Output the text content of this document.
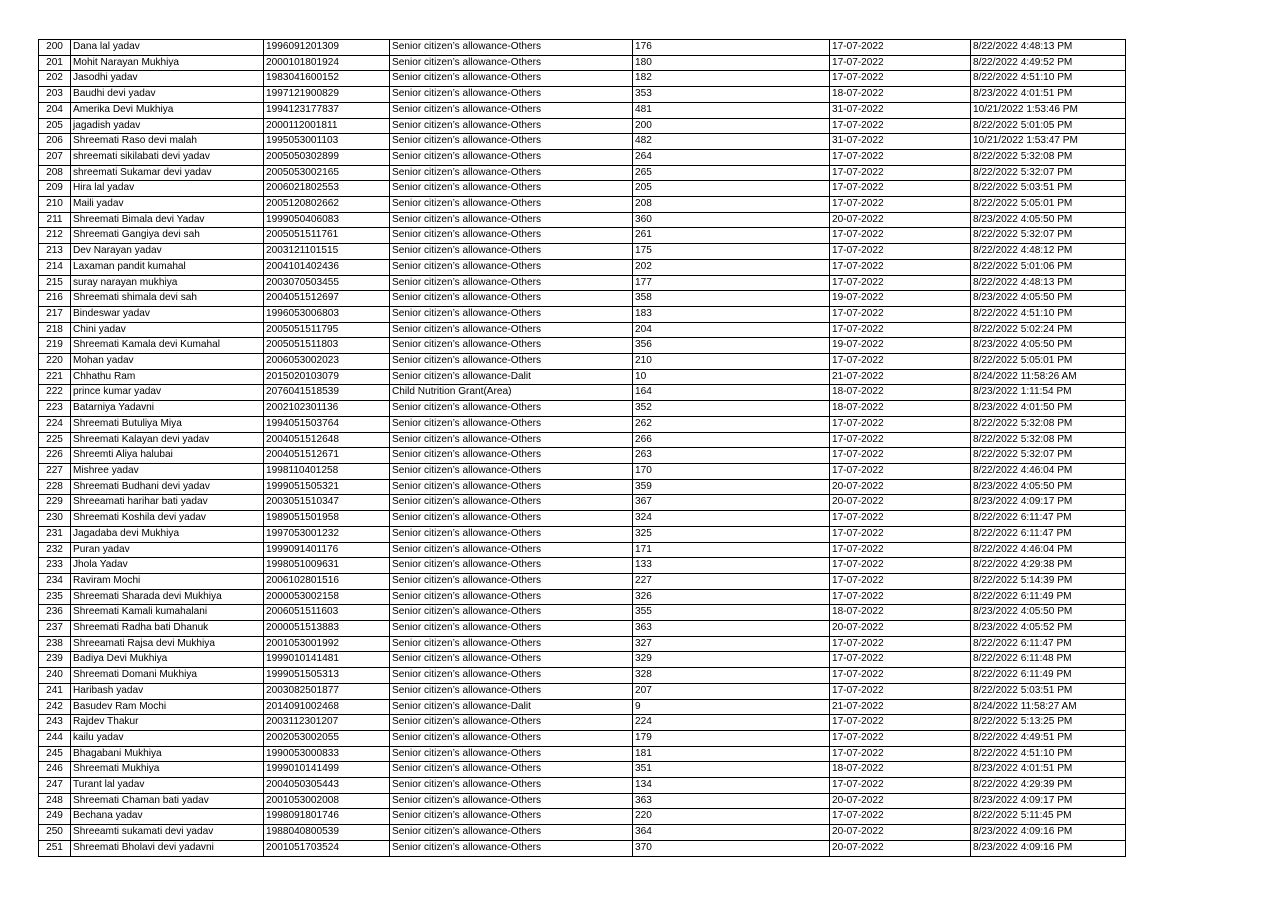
200	Dana lal yadav	1996091201309	Senior citizen’s allowance-Others	176	17-07-2022	8/22/2022 4:48:13 PM
201	Mohit Narayan Mukhiya	2000101801924	Senior citizen’s allowance-Others	180	17-07-2022	8/22/2022 4:49:52 PM
202	Jasodhi yadav	1983041600152	Senior citizen’s allowance-Others	182	17-07-2022	8/22/2022 4:51:10 PM
203	Baudhi devi yadav	1997121900829	Senior citizen’s allowance-Others	353	18-07-2022	8/23/2022 4:01:51 PM
204	Amerika Devi Mukhiya	1994123177837	Senior citizen’s allowance-Others	481	31-07-2022	10/21/2022 1:53:46 PM
205	jagadish yadav	2000112001811	Senior citizen’s allowance-Others	200	17-07-2022	8/22/2022 5:01:05 PM
206	Shreemati Raso devi malah	1995053001103	Senior citizen’s allowance-Others	482	31-07-2022	10/21/2022 1:53:47 PM
207	shreemati sikilabati devi yadav	2005050302899	Senior citizen’s allowance-Others	264	17-07-2022	8/22/2022 5:32:08 PM
208	shreemati Sukamar devi yadav	2005053002165	Senior citizen’s allowance-Others	265	17-07-2022	8/22/2022 5:32:07 PM
209	Hira lal yadav	2006021802553	Senior citizen’s allowance-Others	205	17-07-2022	8/22/2022 5:03:51 PM
210	Maili yadav	2005120802662	Senior citizen’s allowance-Others	208	17-07-2022	8/22/2022 5:05:01 PM
211	Shreemati Bimala devi Yadav	1999050406083	Senior citizen’s allowance-Others	360	20-07-2022	8/23/2022 4:05:50 PM
212	Shreemati Gangiya devi sah	2005051511761	Senior citizen’s allowance-Others	261	17-07-2022	8/22/2022 5:32:07 PM
213	Dev Narayan yadav	2003121101515	Senior citizen’s allowance-Others	175	17-07-2022	8/22/2022 4:48:12 PM
214	Laxaman pandit kumahal	2004101402436	Senior citizen’s allowance-Others	202	17-07-2022	8/22/2022 5:01:06 PM
215	suray narayan mukhiya	2003070503455	Senior citizen’s allowance-Others	177	17-07-2022	8/22/2022 4:48:13 PM
216	Shreemati shimala devi sah	2004051512697	Senior citizen’s allowance-Others	358	19-07-2022	8/23/2022 4:05:50 PM
217	Bindeswar yadav	1996053006803	Senior citizen’s allowance-Others	183	17-07-2022	8/22/2022 4:51:10 PM
218	Chini yadav	2005051511795	Senior citizen’s allowance-Others	204	17-07-2022	8/22/2022 5:02:24 PM
219	Shreemati Kamala devi Kumahal	2005051511803	Senior citizen’s allowance-Others	356	19-07-2022	8/23/2022 4:05:50 PM
220	Mohan yadav	2006053002023	Senior citizen’s allowance-Others	210	17-07-2022	8/22/2022 5:05:01 PM
221	Chhathu Ram	2015020103079	Senior citizen’s allowance-Dalit	10	21-07-2022	8/24/2022 11:58:26 AM
222	prince kumar yadav	2076041518539	Child Nutrition Grant(Area)	164	18-07-2022	8/23/2022 1:11:54 PM
223	Batarniya Yadavni	2002102301136	Senior citizen’s allowance-Others	352	18-07-2022	8/23/2022 4:01:50 PM
224	Shreemati Butuliya Miya	1994051503764	Senior citizen’s allowance-Others	262	17-07-2022	8/22/2022 5:32:08 PM
225	Shreemati Kalayan devi yadav	2004051512648	Senior citizen’s allowance-Others	266	17-07-2022	8/22/2022 5:32:08 PM
226	Shreemti Aliya halubai	2004051512671	Senior citizen’s allowance-Others	263	17-07-2022	8/22/2022 5:32:07 PM
227	Mishree yadav	1998110401258	Senior citizen’s allowance-Others	170	17-07-2022	8/22/2022 4:46:04 PM
228	Shreemati Budhani devi yadav	1999051505321	Senior citizen’s allowance-Others	359	20-07-2022	8/23/2022 4:05:50 PM
229	Shreeamati harihar bati yadav	2003051510347	Senior citizen’s allowance-Others	367	20-07-2022	8/23/2022 4:09:17 PM
230	Shreemati Koshila devi yadav	1989051501958	Senior citizen’s allowance-Others	324	17-07-2022	8/22/2022 6:11:47 PM
231	Jagadaba devi Mukhiya	1997053001232	Senior citizen’s allowance-Others	325	17-07-2022	8/22/2022 6:11:47 PM
232	Puran yadav	1999091401176	Senior citizen’s allowance-Others	171	17-07-2022	8/22/2022 4:46:04 PM
233	Jhola Yadav	1998051009631	Senior citizen’s allowance-Others	133	17-07-2022	8/22/2022 4:29:38 PM
234	Raviram Mochi	2006102801516	Senior citizen’s allowance-Others	227	17-07-2022	8/22/2022 5:14:39 PM
235	Shreemati Sharada devi Mukhiya	2000053002158	Senior citizen’s allowance-Others	326	17-07-2022	8/22/2022 6:11:49 PM
236	Shreemati Kamali kumahalani	2006051511603	Senior citizen’s allowance-Others	355	18-07-2022	8/23/2022 4:05:50 PM
237	Shreemati Radha bati Dhanuk	2000051513883	Senior citizen’s allowance-Others	363	20-07-2022	8/23/2022 4:05:52 PM
238	Shreeamati Rajsa devi Mukhiya	2001053001992	Senior citizen’s allowance-Others	327	17-07-2022	8/22/2022 6:11:47 PM
239	Badiya Devi Mukhiya	1999010141481	Senior citizen’s allowance-Others	329	17-07-2022	8/22/2022 6:11:48 PM
240	Shreemati Domani Mukhiya	1999051505313	Senior citizen’s allowance-Others	328	17-07-2022	8/22/2022 6:11:49 PM
241	Haribash yadav	2003082501877	Senior citizen’s allowance-Others	207	17-07-2022	8/22/2022 5:03:51 PM
242	Basudev Ram Mochi	2014091002468	Senior citizen’s allowance-Dalit	9	21-07-2022	8/24/2022 11:58:27 AM
243	Rajdev Thakur	2003112301207	Senior citizen’s allowance-Others	224	17-07-2022	8/22/2022 5:13:25 PM
244	kailu yadav	2002053002055	Senior citizen’s allowance-Others	179	17-07-2022	8/22/2022 4:49:51 PM
245	Bhagabani Mukhiya	1990053000833	Senior citizen’s allowance-Others	181	17-07-2022	8/22/2022 4:51:10 PM
246	Shreemati Mukhiya	1999010141499	Senior citizen’s allowance-Others	351	18-07-2022	8/23/2022 4:01:51 PM
247	Turant lal yadav	2004050305443	Senior citizen’s allowance-Others	134	17-07-2022	8/22/2022 4:29:39 PM
248	Shreemati Chaman bati yadav	2001053002008	Senior citizen’s allowance-Others	363	20-07-2022	8/23/2022 4:09:17 PM
249	Bechana yadav	1998091801746	Senior citizen’s allowance-Others	220	17-07-2022	8/22/2022 5:11:45 PM
250	Shreeamti sukamati devi yadav	1988040800539	Senior citizen’s allowance-Others	364	20-07-2022	8/23/2022 4:09:16 PM
251	Shreemati Bholavi devi yadavni	2001051703524	Senior citizen’s allowance-Others	370	20-07-2022	8/23/2022 4:09:16 PM
